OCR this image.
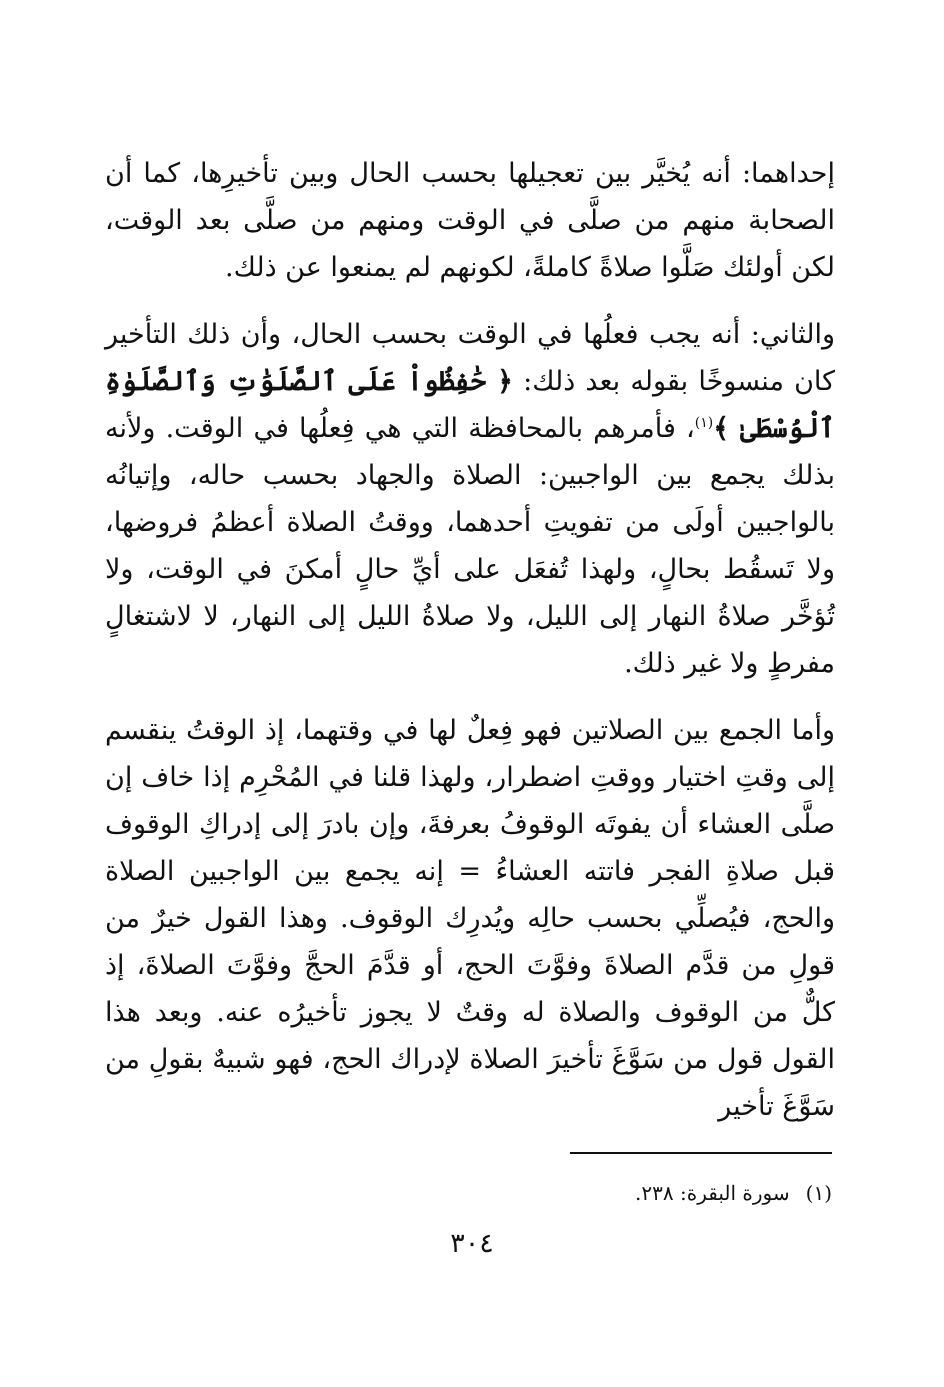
إحداهما: أنه يُخيَّر بين تعجيلها بحسب الحال وبين تأخيرِها، كما أن الصحابة منهم من صلَّى في الوقت ومنهم من صلَّى بعد الوقت، لكن أولئك صَلَّوا صلاةً كاملةً، لكونهم لم يمنعوا عن ذلك.

والثاني: أنه يجب فعلُها في الوقت بحسب الحال، وأن ذلك التأخير كان منسوخًا بقوله بعد ذلك: ﴿ حَٰفِظُواْ عَلَى ٱلصَّلَوَٰتِ وَٱلصَّلَوٰةِ ٱلْوُسْطَىٰ ﴾$^{(١)}$، فأمرهم بالمحافظة التي هي فِعلُها في الوقت. ولأنه بذلك يجمع بين الواجبين: الصلاة والجهاد بحسب حاله، وإتيانُه بالواجبين أولَى من تفويتِ أحدهما، ووقتُ الصلاة أعظمُ فروضها، ولا تَسقُط بحالٍ، ولهذا تُفعَل على أيِّ حالٍ أمكنَ في الوقت، ولا تُؤخَّر صلاةُ النهار إلى الليل، ولا صلاةُ الليل إلى النهار، لا لاشتغالٍ مفرطٍ ولا غير ذلك.

وأما الجمع بين الصلاتين فهو فِعلٌ لها في وقتهما، إذ الوقتُ ينقسم إلى وقتِ اختيار ووقتِ اضطرار، ولهذا قلنا في المُحْرِم إذا خاف إن صلَّى العشاء أن يفوتَه الوقوفُ بعرفةَ، وإن بادرَ إلى إدراكِ الوقوف قبل صلاةِ الفجر فاتته العشاءُ = إنه يجمع بين الواجبين الصلاة والحج، فيُصلِّي بحسب حالِه ويُدرِك الوقوف. وهذا القول خيرٌ من قولِ من قدَّم الصلاةَ وفوَّتَ الحج، أو قدَّمَ الحجَّ وفوَّتَ الصلاةَ، إذ كلٌّ من الوقوف والصلاة له وقتٌ لا يجوز تأخيرُه عنه. وبعد هذا القول قول من سَوَّغَ تأخيرَ الصلاة لإدراك الحج، فهو شبيهٌ بقولِ من سَوَّغَ تأخير

(١)سورة البقرة: ٢٣٨.
٣٠٤
